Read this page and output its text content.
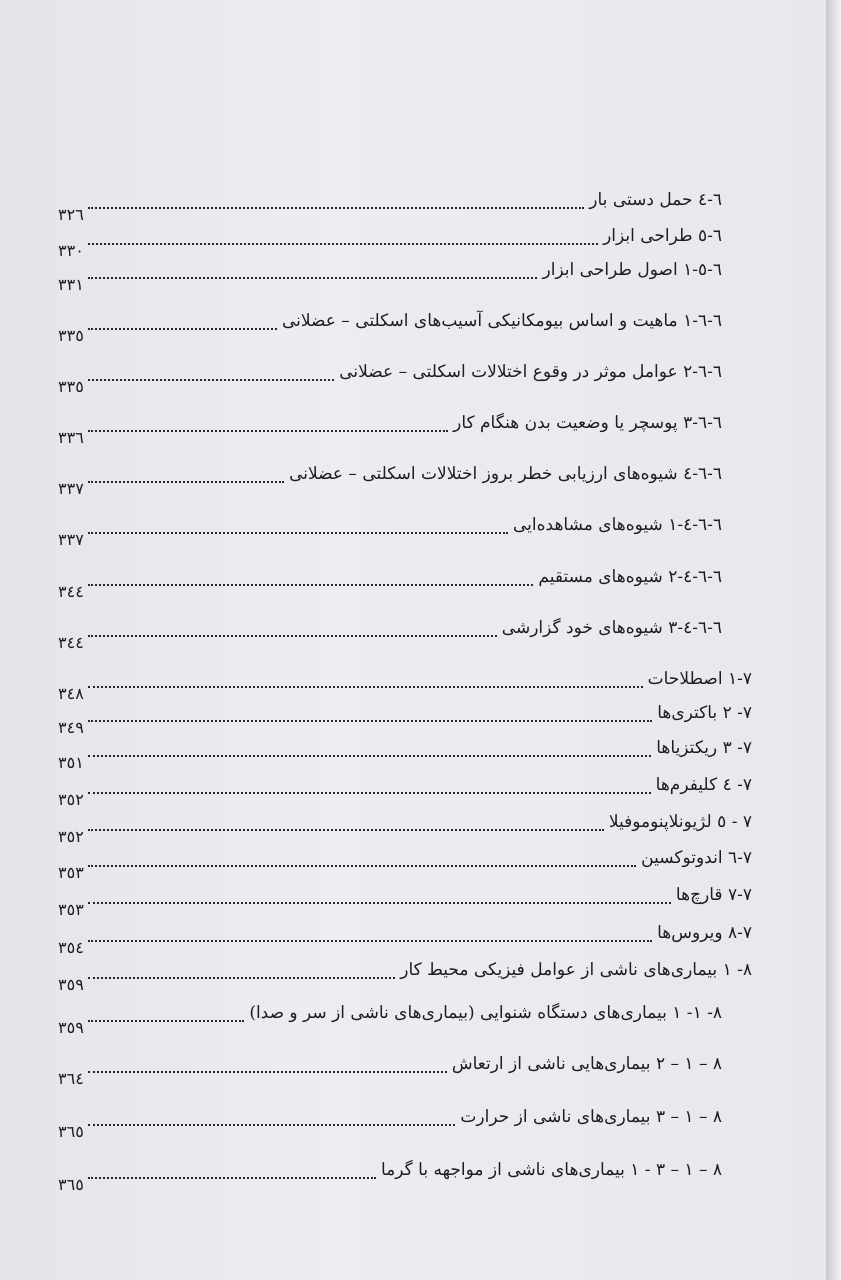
٦-٤ حمل دستی بار
۳۲٦
٦-٥ طراحی ابزار
۳۳۰
٦-٥-١ اصول طراحی ابزار
۳۳۱
٦-٦-١ ماهیت و اساس بیومکانیکی آسیب‌های اسکلتی – عضلانی
۳۳٥
٦-٦-٢ عوامل موثر در وقوع اختلالات اسکلتی – عضلانی
۳۳٥
٦-٦-٣ پوسچر یا وضعیت بدن هنگام کار
۳۳٦
٦-٦-٤ شیوه‌های ارزیابی خطر بروز اختلالات اسکلتی – عضلانی
۳۳٧
٦-٦-٤-١ شیوه‌های مشاهده‌ایی
۳۳٧
٦-٦-٤-٢ شیوه‌های مستقیم
۳٤٤
٦-٦-٤-۳ شیوه‌های خود گزارشی
۳٤٤
٧-١ اصطلاحات
۳٤٨
٧- ٢ باکتری‌ها
۳٤٩
٧- ۳ ریکتزیاها
۳٥١
٧- ٤ کلیفرم‌ها
۳٥٢
٧ - ٥ لژیونلاپنوموفیلا
۳٥٢
٧-٦ اندوتوکسین
۳٥۳
٧-٧ قارچ‌ها
۳٥۳
٧-٨ ویروس‌ها
۳٥٤
٨- ١ بیماری‌های ناشی از عوامل فیزیکی محیط کار
۳٥٩
٨- ١- ١ بیماری‌های دستگاه شنوایی (بیماری‌های ناشی از سر و صدا)
۳٥٩
٨ – ١ – ٢ بیماری‌هایی ناشی از ارتعاش
۳٦٤
٨ – ١ – ۳ بیماری‌های ناشی از حرارت
۳٦٥
٨ – ١ – ۳ - ١ بیماری‌های ناشی از مواجهه با گرما
۳٦٥
